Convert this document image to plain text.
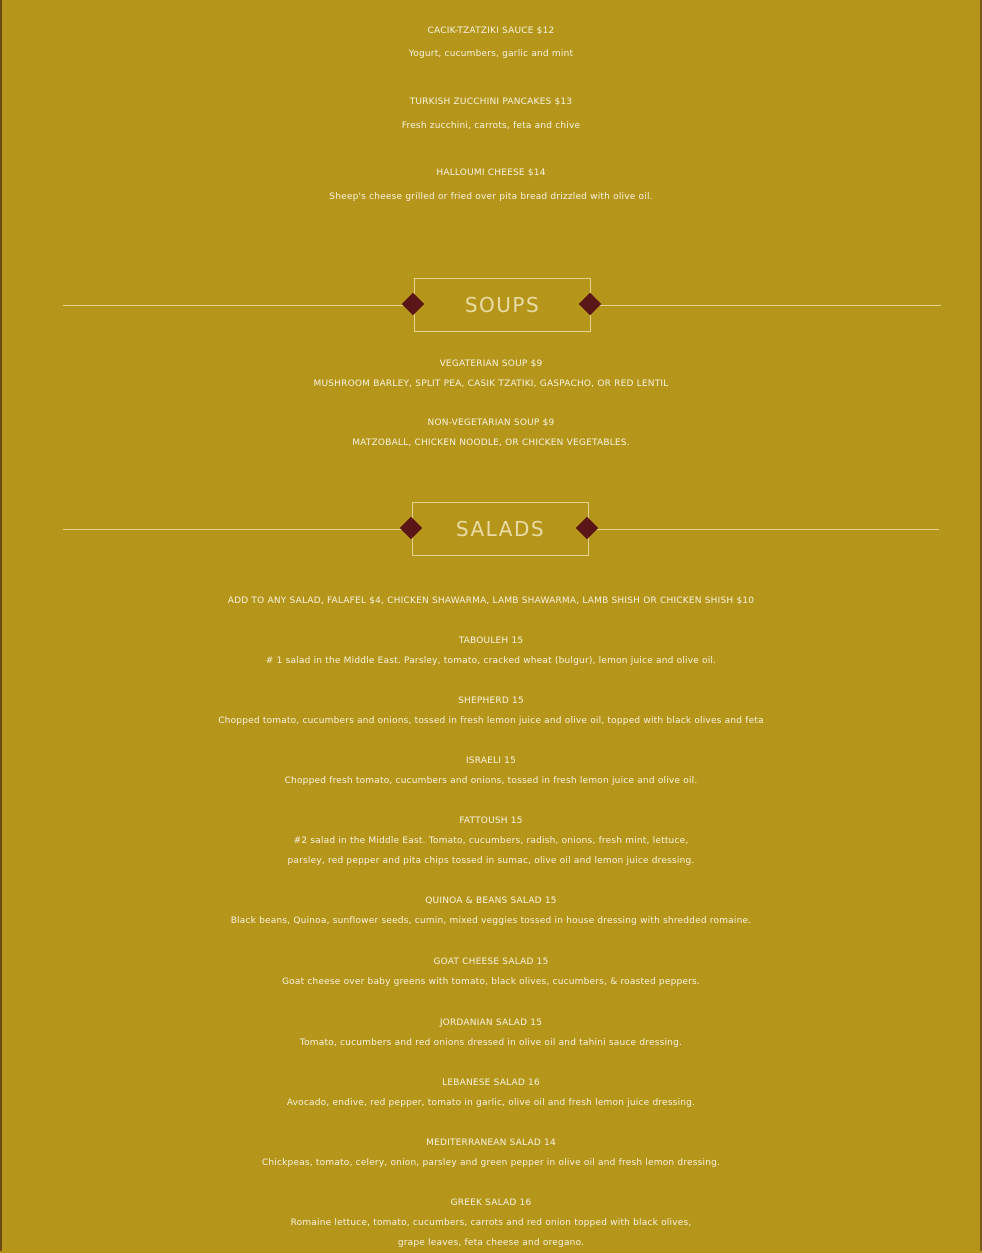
CACIK-TZATZIKI SAUCE $12
Yogurt, cucumbers, garlic and mint
TURKISH ZUCCHINI PANCAKES $13
Fresh zucchini, carrots, feta and chive
HALLOUMI CHEESE $14
Sheep's cheese grilled or fried over pita bread drizzled with olive oil.
SOUPS
VEGATERIAN SOUP $9
MUSHROOM BARLEY, SPLIT PEA, CASIK TZATIKI, GASPACHO, OR RED LENTIL
NON-VEGETARIAN SOUP $9
MATZOBALL, CHICKEN NOODLE, OR CHICKEN VEGETABLES.
SALADS
ADD TO ANY SALAD, FALAFEL $4, CHICKEN SHAWARMA, LAMB SHAWARMA, LAMB SHISH OR CHICKEN SHISH $10
TABOULEH 15
# 1 salad in the Middle East. Parsley, tomato, cracked wheat (bulgur), lemon juice and olive oil.
SHEPHERD 15
Chopped tomato, cucumbers and onions, tossed in fresh lemon juice and olive oil, topped with black olives and feta
ISRAELI 15
Chopped fresh tomato, cucumbers and onions, tossed in fresh lemon juice and olive oil.
FATTOUSH 15
#2 salad in the Middle East. Tomato, cucumbers, radish, onions, fresh mint, lettuce,
parsley, red pepper and pita chips tossed in sumac, olive oil and lemon juice dressing.
QUINOA & BEANS SALAD 15
Black beans, Quinoa, sunflower seeds, cumin, mixed veggies tossed in house dressing with shredded romaine.
GOAT CHEESE SALAD 15
Goat cheese over baby greens with tomato, black olives, cucumbers, & roasted peppers.
JORDANIAN SALAD 15
Tomato, cucumbers and red onions dressed in olive oil and tahini sauce dressing.
LEBANESE SALAD 16
Avocado, endive, red pepper, tomato in garlic, olive oil and fresh lemon juice dressing.
MEDITERRANEAN SALAD 14
Chickpeas, tomato, celery, onion, parsley and green pepper in olive oil and fresh lemon dressing.
GREEK SALAD 16
Romaine lettuce, tomato, cucumbers, carrots and red onion topped with black olives,
grape leaves, feta cheese and oregano.
